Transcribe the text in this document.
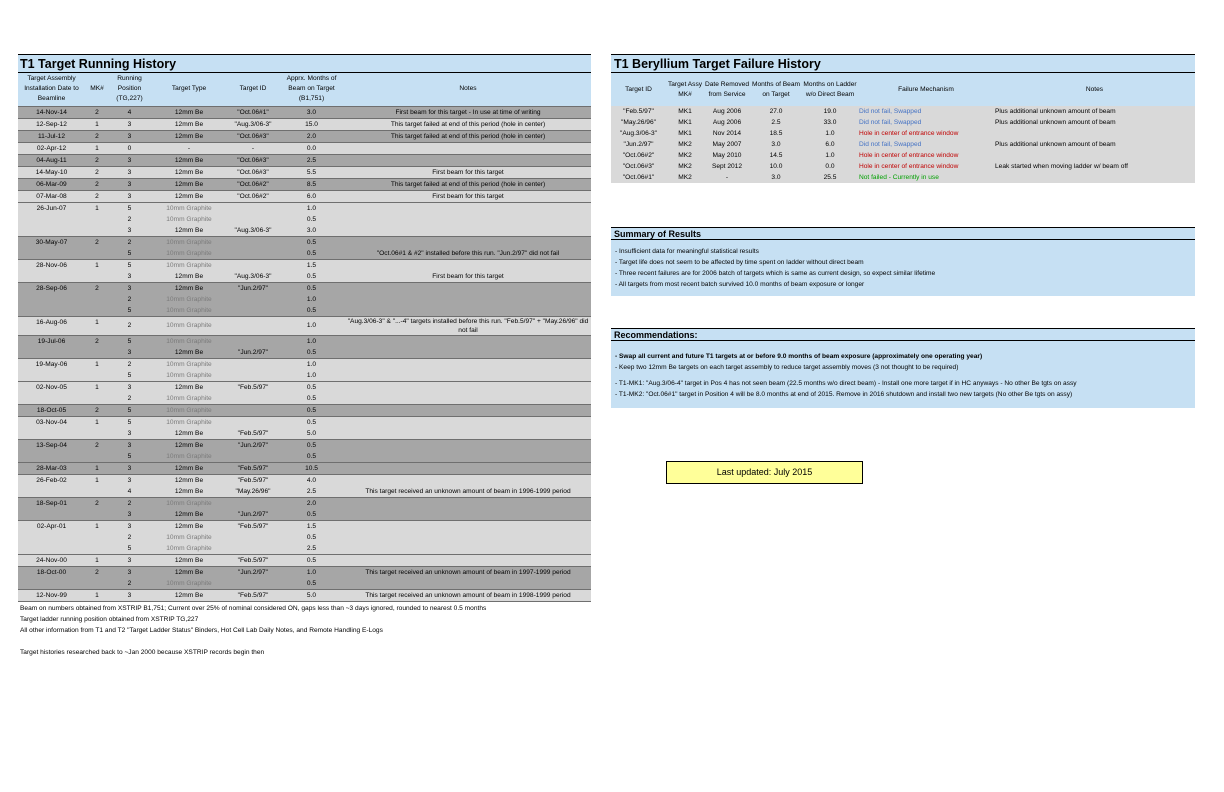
T1 Target Running History
Target Assembly Installation Date to Beamline	MK#	Running Position (TG,227)	Target Type	Target ID	Apprx. Months of Beam on Target (B1,751)	Notes
14-Nov-14	2	4	12mm Be	"Oct.06#1"	3.0	First beam for this target - In use at time of writing
12-Sep-12	1	3	12mm Be	"Aug.3/06-3"	15.0	This target failed at end of this period (hole in center)
11-Jul-12	2	3	12mm Be	"Oct.06#3"	2.0	This target failed at end of this period (hole in center)
02-Apr-12	1	0	-	-	0.0	
04-Aug-11	2	3	12mm Be	"Oct.06#3"	2.5	
14-May-10	2	3	12mm Be	"Oct.06#3"	5.5	First beam for this target
06-Mar-09	2	3	12mm Be	"Oct.06#2"	8.5	This target failed at end of this period (hole in center)
07-Mar-08	2	3	12mm Be	"Oct.06#2"	6.0	First beam for this target
26-Jun-07	1	5	10mm Graphite		1.0	
		2	10mm Graphite		0.5	
		3	12mm Be	"Aug.3/06-3"	3.0	
30-May-07	2	2	10mm Graphite		0.5	
		5	10mm Graphite		0.5	"Oct.06#1 & #2" installed before this run. "Jun.2/97" did not fail
28-Nov-06	1	5	10mm Graphite		1.5	
		3	12mm Be	"Aug.3/06-3"	0.5	First beam for this target
28-Sep-06	2	3	12mm Be	"Jun.2/97"	0.5	
		2	10mm Graphite		1.0	
		5	10mm Graphite		0.5	
16-Aug-06	1	2	10mm Graphite		1.0	"Aug.3/06-3" & "...-4" targets installed before this run. "Feb.5/97" + "May.26/96" did not fail
19-Jul-06	2	5	10mm Graphite		1.0	
		3	12mm Be	"Jun.2/97"	0.5	
19-May-06	1	2	10mm Graphite		1.0	
		5	10mm Graphite		1.0	
02-Nov-05	1	3	12mm Be	"Feb.5/97"	0.5	
		2	10mm Graphite		0.5	
18-Oct-05	2	5	10mm Graphite		0.5	
03-Nov-04	1	5	10mm Graphite		0.5	
		3	12mm Be	"Feb.5/97"	5.0	
13-Sep-04	2	3	12mm Be	"Jun.2/97"	0.5	
		5	10mm Graphite		0.5	
28-Mar-03	1	3	12mm Be	"Feb.5/97"	10.5	
26-Feb-02	1	3	12mm Be	"Feb.5/97"	4.0	
		4	12mm Be	"May.26/96"	2.5	This target received an unknown amount of beam in 1996-1999 period
18-Sep-01	2	2	10mm Graphite		2.0	
		3	12mm Be	"Jun.2/97"	0.5	
02-Apr-01	1	3	12mm Be	"Feb.5/97"	1.5	
		2	10mm Graphite		0.5	
		5	10mm Graphite		2.5	
24-Nov-00	1	3	12mm Be	"Feb.5/97"	0.5	
18-Oct-00	2	3	12mm Be	"Jun.2/97"	1.0	This target received an unknown amount of beam in 1997-1999 period
		2	10mm Graphite		0.5	
12-Nov-99	1	3	12mm Be	"Feb.5/97"	5.0	This target received an unknown amount of beam in 1998-1999 period
T1 Beryllium Target Failure History
Target ID	Target Assy MK#	Date Removed from Service	Months of Beam on Target	Months on Ladder w/o Direct Beam	Failure Mechanism	Notes
"Feb.5/97"	MK1	Aug 2006	27.0	19.0	Did not fail, Swapped	Plus additional unknown amount of beam
"May.26/96"	MK1	Aug 2006	2.5	33.0	Did not fail, Swapped	Plus additional unknown amount of beam
"Aug.3/06-3"	MK1	Nov 2014	18.5	1.0	Hole in center of entrance window	
"Jun.2/97"	MK2	May 2007	3.0	6.0	Did not fail, Swapped	Plus additional unknown amount of beam
"Oct.06#2"	MK2	May 2010	14.5	1.0	Hole in center of entrance window	
"Oct.06#3"	MK2	Sept 2012	10.0	0.0	Hole in center of entrance window	Leak started when moving ladder w/ beam off
"Oct.06#1"	MK2	-	3.0	25.5	Not failed - Currently in use	
Summary of Results
- Insufficient data for meaningful statistical results
- Target life does not seem to be affected by time spent on ladder without direct beam
- Three recent failures are for 2006 batch of targets which is same as current design, so expect similar lifetime
- All targets from most recent batch survived 10.0 months of beam exposure or longer
Recommendations:
- Swap all current and future T1 targets at or before 9.0 months of beam exposure (approximately one operating year)
- Keep two 12mm Be targets on each target assembly to reduce target assembly moves (3 not thought to be required)
- T1-MK1: "Aug.3/06-4" target in Pos 4 has not seen beam (22.5 months w/o direct beam) - Install one more target if in HC anyways - No other Be tgts on assy
- T1-MK2: "Oct.06#1" target in Position 4 will be 8.0 months at end of 2015. Remove in 2016 shutdown and install two new targets (No other Be tgts on assy)
Last updated: July 2015
Beam on numbers obtained from XSTRIP B1,751; Current over 25% of nominal considered ON, gaps less than ~3 days ignored, rounded to nearest 0.5 months
Target ladder running position obtained from XSTRIP TG,227
All other information from T1 and T2 "Target Ladder Status" Binders, Hot Cell Lab Daily Notes, and Remote Handling E-Logs
Target histories researched back to ~Jan 2000 because XSTRIP records begin then
